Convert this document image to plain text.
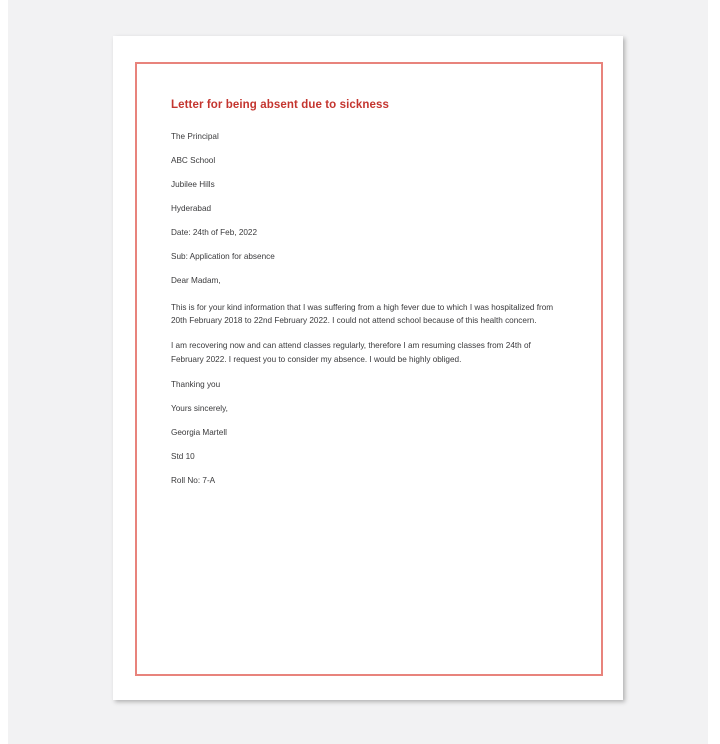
Letter for being absent due to sickness

The Principal

ABC School

Jubilee Hills

Hyderabad

Date: 24th of Feb, 2022

Sub: Application for absence

Dear Madam,

This is for your kind information that I was suffering from a high fever due to which I was hospitalized from 20th February 2018 to 22nd February 2022. I could not attend school because of this health concern.

I am recovering now and can attend classes regularly, therefore I am resuming classes from 24th of February 2022. I request you to consider my absence. I would be highly obliged.

Thanking you

Yours sincerely,

Georgia Martell

Std 10

Roll No: 7-A
